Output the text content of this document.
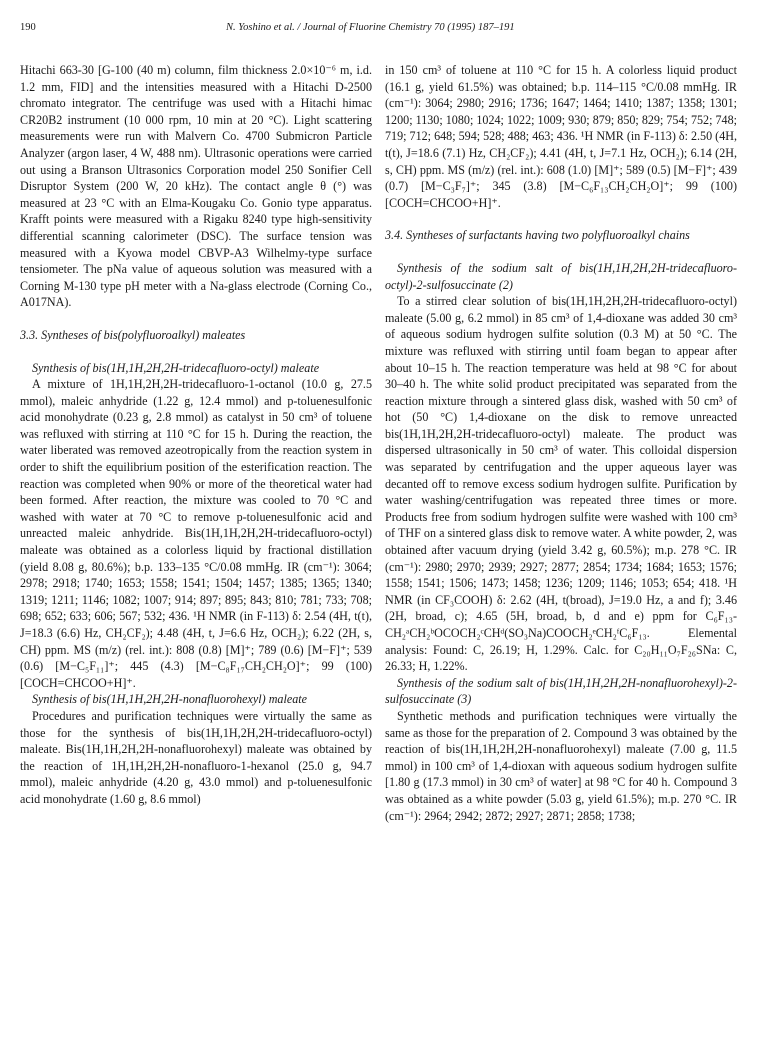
190	N. Yoshino et al. / Journal of Fluorine Chemistry 70 (1995) 187–191

Hitachi 663-30 [G-100 (40 m) column, film thickness 2.0×10⁻⁶ m, i.d. 1.2 mm, FID] and the intensities measured with a Hitachi D-2500 chromato integrator. The centrifuge was used with a Hitachi himac CR20B2 instrument (10 000 rpm, 10 min at 20 °C). Light scattering measurements were run with Malvern Co. 4700 Submicron Particle Analyzer (argon laser, 4 W, 488 nm). Ultrasonic operations were carried out using a Branson Ultrasonics Corporation model 250 Sonifier Cell Disruptor System (200 W, 20 kHz). The contact angle θ (°) was measured at 23 °C with an Elma-Kougaku Co. Gonio type apparatus. Krafft points were measured with a Rigaku 8240 type high-sensitivity differential scanning calorimeter (DSC). The surface tension was measured with a Kyowa model CBVP-A3 Wilhelmy-type surface tensiometer. The pNa value of aqueous solution was measured with a Corning M-130 type pH meter with a Na-glass electrode (Corning Co., A017NA).

3.3. Syntheses of bis(polyfluoroalkyl) maleates

Synthesis of bis(1H,1H,2H,2H-tridecafluoro-octyl) maleate

A mixture of 1H,1H,2H,2H-tridecafluoro-1-octanol (10.0 g, 27.5 mmol), maleic anhydride (1.22 g, 12.4 mmol) and p-toluenesulfonic acid monohydrate (0.23 g, 2.8 mmol) as catalyst in 50 cm³ of toluene was refluxed with stirring at 110 °C for 15 h. During the reaction, the water liberated was removed azeotropically from the reaction system in order to shift the equilibrium position of the esterification reaction. The reaction was completed when 90% or more of the theoretical water had been formed. After reaction, the mixture was cooled to 70 °C and washed with water at 70 °C to remove p-toluenesulfonic acid and unreacted maleic anhydride. Bis(1H,1H,2H,2H-tridecafluoro-octyl) maleate was obtained as a colorless liquid by fractional distillation (yield 8.08 g, 80.6%); b.p. 133–135 °C/0.08 mmHg. IR (cm⁻¹): 3064; 2978; 2918; 1740; 1653; 1558; 1541; 1504; 1457; 1385; 1365; 1340; 1319; 1211; 1146; 1082; 1007; 914; 897; 895; 843; 810; 781; 733; 708; 698; 652; 633; 606; 567; 532; 436. ¹H NMR (in F-113) δ: 2.54 (4H, t(t), J=18.3 (6.6) Hz, CH₂CF₂); 4.48 (4H, t, J=6.6 Hz, OCH₂); 6.22 (2H, s, CH) ppm. MS (m/z) (rel. int.): 808 (0.8) [M]⁺; 789 (0.6) [M−F]⁺; 539 (0.6) [M−C₅F₁₁]⁺; 445 (4.3) [M−C₈F₁₇CH₂CH₂O]⁺; 99 (100) [COCH=CHCOO+H]⁺.

Synthesis of bis(1H,1H,2H,2H-nonafluorohexyl) maleate

Procedures and purification techniques were virtually the same as those for the synthesis of bis(1H,1H,2H,2H-tridecafluoro-octyl) maleate. Bis(1H,1H,2H,2H-nonafluorohexyl) maleate was obtained by the reaction of 1H,1H,2H,2H-nonafluoro-1-hexanol (25.0 g, 94.7 mmol), maleic anhydride (4.20 g, 43.0 mmol) and p-toluenesulfonic acid monohydrate (1.60 g, 8.6 mmol)

in 150 cm³ of toluene at 110 °C for 15 h. A colorless liquid product (16.1 g, yield 61.5%) was obtained; b.p. 114–115 °C/0.08 mmHg. IR (cm⁻¹): 3064; 2980; 2916; 1736; 1647; 1464; 1410; 1387; 1358; 1301; 1200; 1130; 1080; 1024; 1022; 1009; 930; 879; 850; 829; 754; 752; 748; 719; 712; 648; 594; 528; 488; 463; 436. ¹H NMR (in F-113) δ: 2.50 (4H, t(t), J=18.6 (7.1) Hz, CH₂CF₂); 4.41 (4H, t, J=7.1 Hz, OCH₂); 6.14 (2H, s, CH) ppm. MS (m/z) (rel. int.): 608 (1.0) [M]⁺; 589 (0.5) [M−F]⁺; 439 (0.7) [M−C₃F₇]⁺; 345 (3.8) [M−C₆F₁₃CH₂CH₂O]⁺; 99 (100) [COCH=CHCOO+H]⁺.

3.4. Syntheses of surfactants having two polyfluoroalkyl chains

Synthesis of the sodium salt of bis(1H,1H,2H,2H-tridecafluoro-octyl)-2-sulfosuccinate (2)

To a stirred clear solution of bis(1H,1H,2H,2H-tridecafluoro-octyl) maleate (5.00 g, 6.2 mmol) in 85 cm³ of 1,4-dioxane was added 30 cm³ of aqueous sodium hydrogen sulfite solution (0.3 M) at 50 °C. The mixture was refluxed with stirring until foam began to appear after about 10–15 h. The reaction temperature was held at 98 °C for about 30–40 h. The white solid product precipitated was separated from the reaction mixture through a sintered glass disk, washed with 50 cm³ of hot (50 °C) 1,4-dioxane on the disk to remove unreacted bis(1H,1H,2H,2H-tridecafluoro-octyl) maleate. The product was dispersed ultrasonically in 50 cm³ of water. This colloidal dispersion was separated by centrifugation and the upper aqueous layer was decanted off to remove excess sodium hydrogen sulfite. Purification by water washing/centrifugation was repeated three times or more. Products free from sodium hydrogen sulfite were washed with 100 cm³ of THF on a sintered glass disk to remove water. A white powder, 2, was obtained after vacuum drying (yield 3.42 g, 60.5%); m.p. 278 °C. IR (cm⁻¹): 2980; 2970; 2939; 2927; 2877; 2854; 1734; 1684; 1653; 1576; 1558; 1541; 1506; 1473; 1458; 1236; 1209; 1146; 1053; 654; 418. ¹H NMR (in CF₃COOH) δ: 2.62 (4H, t(broad), J=19.0 Hz, a and f); 3.46 (2H, broad, c); 4.65 (5H, broad, b, d and e) ppm for C₆F₁₃-CH₂ᵃCH₂ᵇOCOCH₂ᶜCHᵈ(SO₃Na)COOCH₂ᵉCH₂ᶠC₆F₁₃. Elemental analysis: Found: C, 26.19; H, 1.29%. Calc. for C₂₀H₁₁O₇F₂₆SNa: C, 26.33; H, 1.22%.

Synthesis of the sodium salt of bis(1H,1H,2H,2H-nonafluorohexyl)-2-sulfosuccinate (3)

Synthetic methods and purification techniques were virtually the same as those for the preparation of 2. Compound 3 was obtained by the reaction of bis(1H,1H,2H,2H-nonafluorohexyl) maleate (7.00 g, 11.5 mmol) in 100 cm³ of 1,4-dioxan with aqueous sodium hydrogen sulfite [1.80 g (17.3 mmol) in 30 cm³ of water] at 98 °C for 40 h. Compound 3 was obtained as a white powder (5.03 g, yield 61.5%); m.p. 270 °C. IR (cm⁻¹): 2964; 2942; 2872; 2927; 2871; 2858; 1738;
